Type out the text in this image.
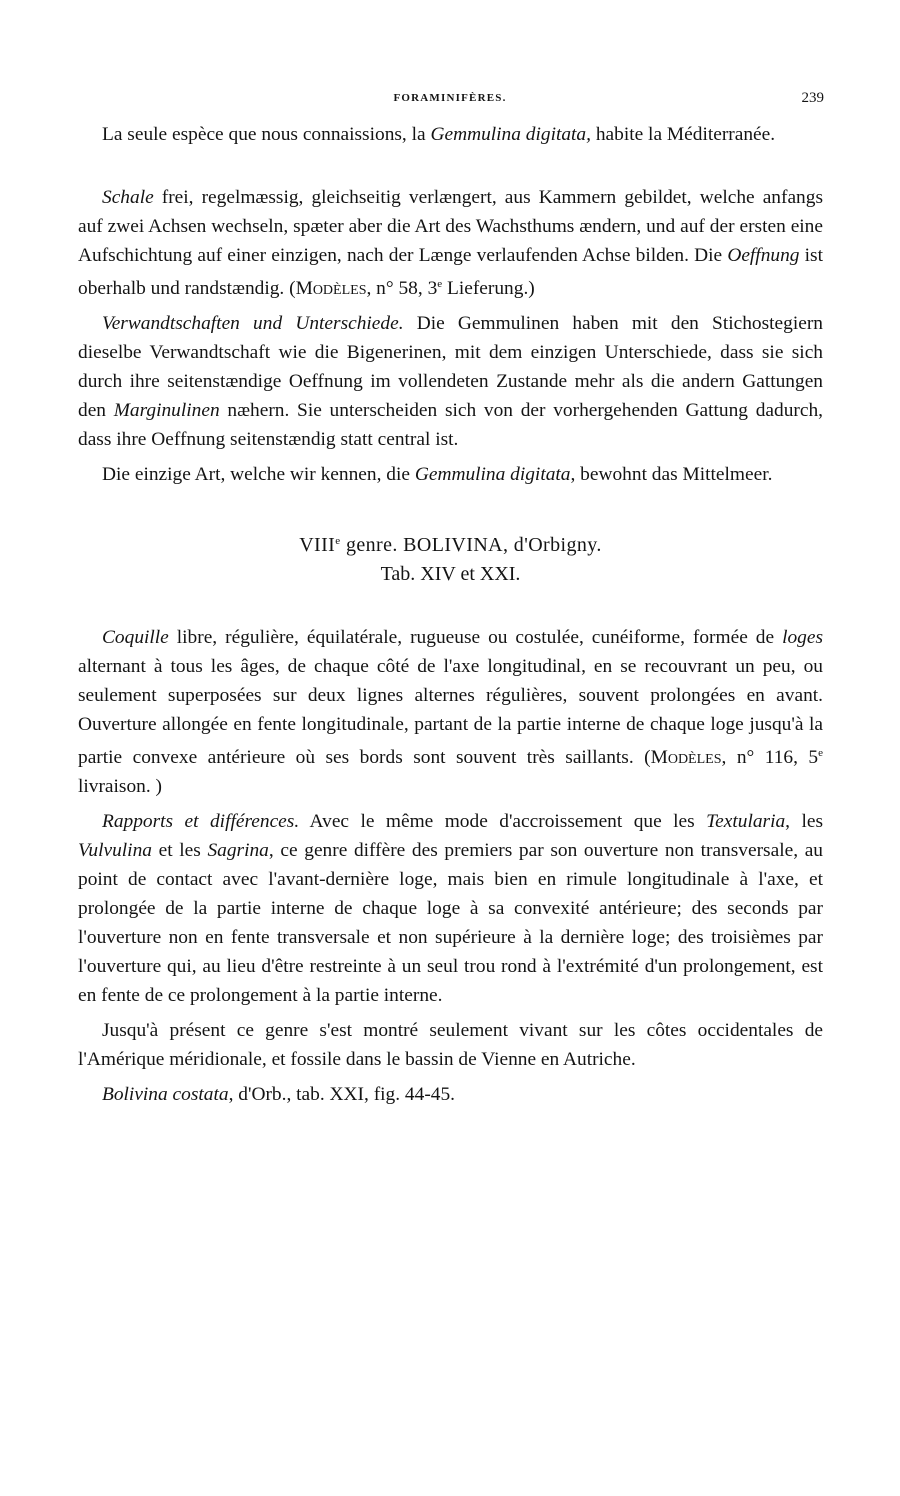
FORAMINIFÈRES.	239

La seule espèce que nous connaissions, la Gemmulina digitata, habite la Méditerranée.

Schale frei, regelmæssig, gleichseitig verlængert, aus Kammern gebildet, welche anfangs auf zwei Achsen wechseln, spæter aber die Art des Wachsthums ændern, und auf der ersten eine Aufschichtung auf einer einzigen, nach der Længe verlaufenden Achse bilden. Die Oeffnung ist oberhalb und randstændig. (Modèles, n° 58, 3e Lieferung.)

Verwandtschaften und Unterschiede. Die Gemmulinen haben mit den Stichostegiern dieselbe Verwandtschaft wie die Bigenerinen, mit dem einzigen Unterschiede, dass sie sich durch ihre seitenstændige Oeffnung im vollendeten Zustande mehr als die andern Gattungen den Marginulinen næhern. Sie unterscheiden sich von der vorhergehenden Gattung dadurch, dass ihre Oeffnung seitenstændig statt central ist.

Die einzige Art, welche wir kennen, die Gemmulina digitata, bewohnt das Mittelmeer.

VIIIe genre. BOLIVINA, d'Orbigny.

Tab. XIV et XXI.

Coquille libre, régulière, équilatérale, rugueuse ou costulée, cunéiforme, formée de loges alternant à tous les âges, de chaque côté de l'axe longitudinal, en se recouvrant un peu, ou seulement superposées sur deux lignes alternes régulières, souvent prolongées en avant. Ouverture allongée en fente longitudinale, partant de la partie interne de chaque loge jusqu'à la partie convexe antérieure où ses bords sont souvent très saillants. (Modèles, n° 116, 5e livraison. )

Rapports et différences. Avec le même mode d'accroissement que les Textularia, les Vulvulina et les Sagrina, ce genre diffère des premiers par son ouverture non transversale, au point de contact avec l'avant-dernière loge, mais bien en rimule longitudinale à l'axe, et prolongée de la partie interne de chaque loge à sa convexité antérieure; des seconds par l'ouverture non en fente transversale et non supérieure à la dernière loge; des troisièmes par l'ouverture qui, au lieu d'être restreinte à un seul trou rond à l'extrémité d'un prolongement, est en fente de ce prolongement à la partie interne.

Jusqu'à présent ce genre s'est montré seulement vivant sur les côtes occidentales de l'Amérique méridionale, et fossile dans le bassin de Vienne en Autriche.

Bolivina costata, d'Orb., tab. XXI, fig. 44-45.
